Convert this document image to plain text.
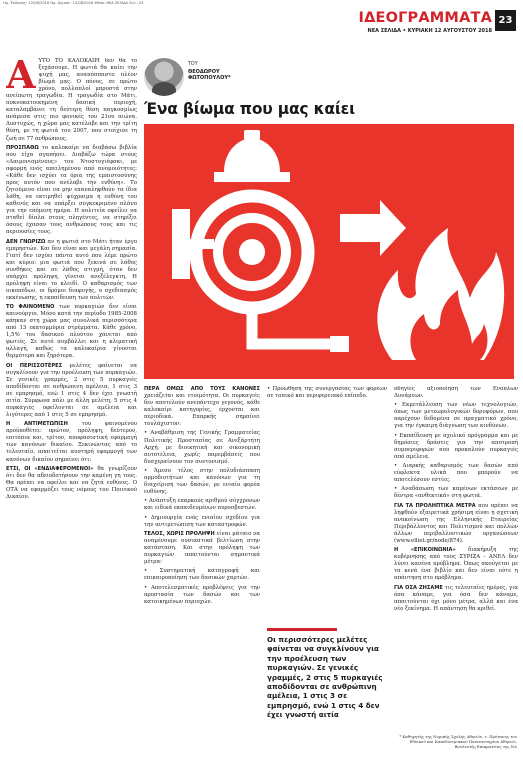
Ημ. Έκδοσης: 12/08/2018 Ημ. Δημοσ.: 12/08/2018 Μέσο: ΝΕΑ ΣΕΛΙΔΑ Σελ.: 23
ΙΔΕΟΓΡΑΜΜΑΤΑ
ΝΕΑ ΣΕΛΙΔΑ • ΚΥΡΙΑΚΗ 12 ΑΥΓΟΥΣΤΟΥ 2018
23

ΑΥΤΟ ΤΟ ΚΑΛΟΚΑΙΡΙ δεν θα το ξεχάσουμε. Η φωτιά θα καίει την ψυχή μας, αναπόσπαστο πλέον βίωμά μας. Ο πόνος, σε πρώτο χρόνο, πολλαπλοί μπροστά στην ανείπωτη τραγωδία. Η τραγωδία στο Μάτι, πυκνοκατοικημένη δασική περιοχή, καταλαμβάνει τη δεύτερη θέση παγκοσμίως ανάμεσα στις πιο φονικές του 21ου αιώνα. Δυστυχώς, η χώρα μας κατέλαβε και την τρίτη θέση, με τη φωτιά του 2007, που στοίχισε τη ζωή σε 77 ανθρώπους.

ΠΡΟΣΠΑΘΩ το καλοκαίρι να διαβάσω βιβλία που είχα αγαπήσει. Διαβάζω τώρα στους «Δαιμονισμένους» του Ντοστογιέφσκι, με αφορμή ενός απειλημένου από ανομοιότητες: «Κάθε δεν ισχύει τα όρια της εμπιστοσύνης προς αυτόν που ανέλαβε την ευθύνη». Το ζητούμενο είναι να μην επαναληφθούν τα ίδια λάθη, να εκτιμηθεί ψύχραιμα η ευθύνη του καθενός και να υπάρξει συγκεκριμένο πλάνο για την επόμενη ημέρα. Η πολιτεία οφείλει να σταθεί δίπλα στους πληγέντες, να στηρίξει όσους έχασαν τους ανθρώπους τους και τις περιουσίες τους.

ΔΕΝ ΓΝΩΡΙΖΩ αν η φωτιά στο Μάτι ήταν έργο εμπρηστών. Και δεν είναι και μεγάλη σημασία. Γιατί δεν ισχύει πάντα αυτό που λέμε πρώτο και κύριο: μια φωτιά που ξεκινά σε λάθος συνθήκες και σε λάθος στιγμή, όταν δεν υπάρχει πρόληψη, γίνεται ανεξέλεγκτη. Η πρόληψη είναι το κλειδί. Ο καθαρισμός των οικοπέδων, οι δρόμοι διαφυγής, ο σχεδιασμός εκκένωσης, η εκπαίδευση των πολιτών.

ΤΟ ΦΑΙΝΟΜΕΝΟ των πυρκαγιών δεν είναι καινούργιο. Μόνο κατά την περίοδο 1985-2008 κάηκαν στη χώρα μας συνολικά περισσότερα από 13 εκατομμύρια στρέμματα. Κάθε χρόνο, 1,5% του δασικού πλούτου χάνεται από φωτιές. Σε αυτό συμβάλλει και η κλιματική αλλαγή, καθώς τα καλοκαίρια γίνονται θερμότερα και ξηρότερα.

ΟΙ ΠΕΡΙΣΣΟΤΕΡΕΣ μελέτες φαίνεται να συγκλίνουν για την προέλευση των πυρκαγιών. Σε γενικές γραμμές, 2 στις 5 πυρκαγιές αποδίδονται σε ανθρώπινη αμέλεια, 1 στις 3 σε εμπρησμό, ενώ 1 στις 4 δεν έχει γνωστή αιτία. Σύμφωνα πάλι με άλλη μελέτη, 5 στις 4 πυρκαγιές οφείλονται σε αμέλεια και λιγότερες από 1 στις 5 σε εμπρησμό.

Η ΑΝΤΙΜΕΤΩΠΙΣΗ του φαινομένου προϋποθέτει: πρώτον, πρόληψη, δεύτερον, επιτόπια και, τρίτον, αποφασιστική εφαρμογή των κανόνων δικαίου. Ξεκινώντας από το τελευταίο, απαιτείται αυστηρή εφαρμογή των κανόνων δικαίου σημαίνει ότι:

ΕΤΣΙ, ΟΙ «ΕΝΔΙΑΦΕΡΟΜΕΝΟΙ» θα γνωρίζουν ότι δεν θα αδειοδοτήσουν την καμένη γη τους. Θα πρέπει να οφείλει και να ζητά ευθύνες. Ο ΟΤΑ να εφαρμόζει τους νόμους του Ποινικού Δικαίου.

ΤΟΥ
ΘΕΟΔΩΡΟΥ ΦΩΤΟΠΟΥΛΟΥ*
Ένα βίωμα που μας καίει

ΠΕΡΑ ΟΜΩΣ ΑΠΟ ΤΟΥΣ ΚΑΝΟΝΕΣ χρειάζεται και ετοιμότητα. Οι πυρκαγιές δεν αποτελούν ανεπάντεχο γεγονός, κάθε καλοκαίρι κατηγορίες, έρχονται και περιοδικά. Επαρκής σημαίνει τουλάχιστον:

• Αναβάθμιση της Γενικής Γραμματείας Πολιτικής Προστασίας σε Ανεξάρτητη Αρχή, με διοικητική και οικονομική αυτοτέλεια, χωρίς παρεμβάσεις που δυσχεραίνουν τον συντονισμό.

• Άμεσο τέλος στην πολυδιάσπαση αρμοδιοτήτων και κανόνων για τη διαχείριση των δασών, με ενιαίο φορέα ευθύνης.

• Ανάπτυξη επαρκούς αριθμού σύγχρονων και ειδικά εκπαιδευμένων πυροσβεστών.

• Δημιουργία ενός ενιαίου σχεδίου για την αντιμετώπιση των καταστροφών.

ΤΕΛΟΣ, ΧΩΡΙΣ ΠΡΟΛΗΨΗ είναι μάταιο να αναμένουμε ουσιαστικά βελτίωση στην κατάσταση. Και στην πρόληψη των πυρκαγιών απαιτούνται σημαντικά μέτρα:

• Συστηματική καταγραφή και επικαιροποίηση των δασικών χαρτών.

• Αποτελεσματικές προβλέψεις για την προστασία των δασών και των κατοικημένων περιοχών.

• Προώθηση της συνεργασίας των φορέων σε τοπικό και περιφερειακό επίπεδο.

Οι περισσότερες μελέτες φαίνεται να συγκλίνουν για την προέλευση των πυρκαγιών. Σε γενικές γραμμές, 2 στις 5 πυρκαγιές αποδίδονται σε ανθρώπινη αμέλεια, 1 στις 3 σε εμπρησμό, ενώ 1 στις 4 δεν έχει γνωστή αιτία

οδηγίες αξιοποίηση των Ενόπλων Δυνάμεων.

• Εκμετάλλευση των νέων τεχνολογιών, όπως των μετεωρολογικών δορυφόρων, που παρέχουν δεδομένα σε πραγματικό χρόνο, για την έγκαιρη διάγνωση των κινδύνων.

• Εκπαίδευση με σχολικό πρόγραμμα και με δημόσιες δράσεις για την αποτροπή συμπεριφορών που προκαλούν πυρκαγιές από αμέλεια.

• Διαρκής καθαρισμός των δασών από εύφλεκτα υλικά που μπορούν να αποτελέσουν εστίες.

• Αναδάσωση των καμένων εκτάσεων με δέντρα «ανθεκτικά» στη φωτιά.

ΓΙΑ ΤΑ ΠΡΟΛΗΠΤΙΚΑ ΜΕΤΡΑ που πρέπει να ληφθούν εξαιρετικά χρήσιμη είναι η σχετική ανακοίνωση της Ελληνικής Εταιρείας Περιβάλλοντος και Πολιτισμού και πολλών άλλων περιβαλλοντικών οργανώσεων (www.elliet.gr/node/874).

Η «ΕΠΙΚΟΙΝΩΝΙΑ» διακήρυξη της κυβέρνησης από τους ΣΥΡΙΖΑ - ΑΝΕΛ δεν λύνει κανένα πρόβλημα. Όπως ακούγεται με τα κενά ένα βιβλίο και δεν είναι ούτε η απάντηση στο πρόβλημα.

ΓΙΑ ΟΣΑ ΖΗΣΑΜΕ τις τελευταίες ημέρες, για όσα κάναμε, για όσα δεν κάναμε, απαιτούνται όχι μόνο μέτρα, αλλά και ένα νέο ξεκίνημα. Η απάντηση θα κριθεί.

* Καθηγητής της Νομικής Σχολής Αθηνών, τ. Πρύτανης του Εθνικού και Καποδιστριακού Πανεπιστημίου Αθηνών, Βουλευτής Επικρατείας της ΝΔ
